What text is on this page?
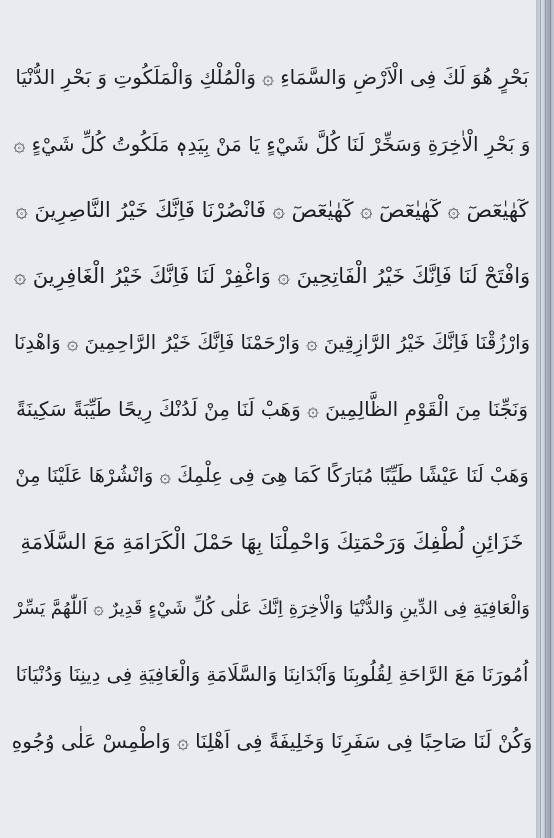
بَحْرٍ هُوَ لَكَ فِى الْاَرْضِ وَالسَّمَاءِ ۞ وَالْمُلْكِ وَالْمَلَكُوتِ وَ بَحْرِ الدُّنْيَا
وَ بَحْرِ الْاٰخِرَةِ وَسَخِّرْ لَنَا كُلَّ شَيْءٍ يَا مَنْ بِيَدِهٖ مَلَكُوتُ كُلِّ شَيْءٍ ۞
كٓهٰيٰعٓصٓ ۞ كٓهٰيٰعٓصٓ ۞ كٓهٰيٰعٓصٓ ۞ فَانْصُرْنَا فَاِنَّكَ خَيْرُ النَّاصِرِينَ ۞
وَافْتَحْ لَنَا فَاِنَّكَ خَيْرُ الْفَاتِحِينَ ۞ وَاغْفِرْ لَنَا فَاِنَّكَ خَيْرُ الْغَافِرِينَ ۞
وَارْزُقْنَا فَاِنَّكَ خَيْرُ الرَّازِقِينَ ۞ وَارْحَمْنَا فَاِنَّكَ خَيْرُ الرَّاحِمِينَ ۞ وَاهْدِنَا
وَنَجِّنَا مِنَ الْقَوْمِ الظَّالِمِينَ ۞ وَهَبْ لَنَا مِنْ لَدُنْكَ رِيحًا طَيِّبَةً سَكِينَةً
وَهَبْ لَنَا عَيْشًا طَيِّبًا مُبَارَكًا كَمَا هِىَ فِى عِلْمِكَ ۞ وَانْشُرْهَا عَلَيْنَا مِنْ
خَزَائِنِ لُطْفِكَ وَرَحْمَتِكَ وَاحْمِلْنَا بِهَا حَمْلَ الْكَرَامَةِ مَعَ السَّلَامَةِ
وَالْعَافِيَةِ فِى الدِّينِ وَالدُّنْيَا وَالْاٰخِرَةِ اِنَّكَ عَلٰى كُلِّ شَيْءٍ قَدِيرٌ ۞ اَللّٰهُمَّ يَسِّرْ
اُمُورَنَا مَعَ الرَّاحَةِ لِقُلُوبِنَا وَاَبْدَانِنَا وَالسَّلَامَةِ وَالْعَافِيَةِ فِى دِينِنَا وَدُنْيَانَا
وَكُنْ لَنَا صَاحِبًا فِى سَفَرِنَا وَخَلِيفَةً فِى اَهْلِنَا ۞ وَاطْمِسْ عَلٰى وُجُوهِ
